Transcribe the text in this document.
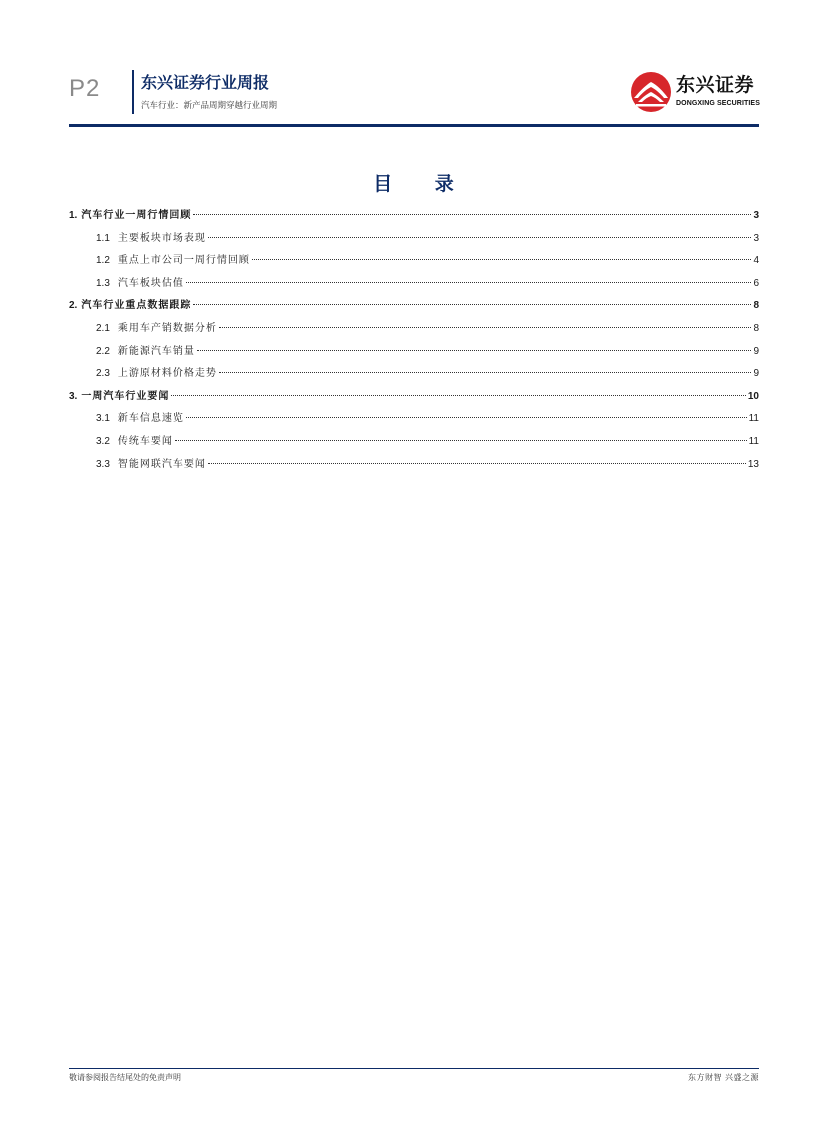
P2	东兴证券行业周报
汽车行业：新产品周期穿越行业周期
东兴证券
DONGXING SECURITIES
目 录
1. 汽车行业一周行情回顾	3
1.1 主要板块市场表现	3
1.2 重点上市公司一周行情回顾	4
1.3 汽车板块估值	6
2. 汽车行业重点数据跟踪	8
2.1 乘用车产销数据分析	8
2.2 新能源汽车销量	9
2.3 上游原材料价格走势	9
3. 一周汽车行业要闻	10
3.1 新车信息速览	11
3.2 传统车要闻	11
3.3 智能网联汽车要闻	13
敬请参阅报告结尾处的免责声明	东方财智 兴盛之源
